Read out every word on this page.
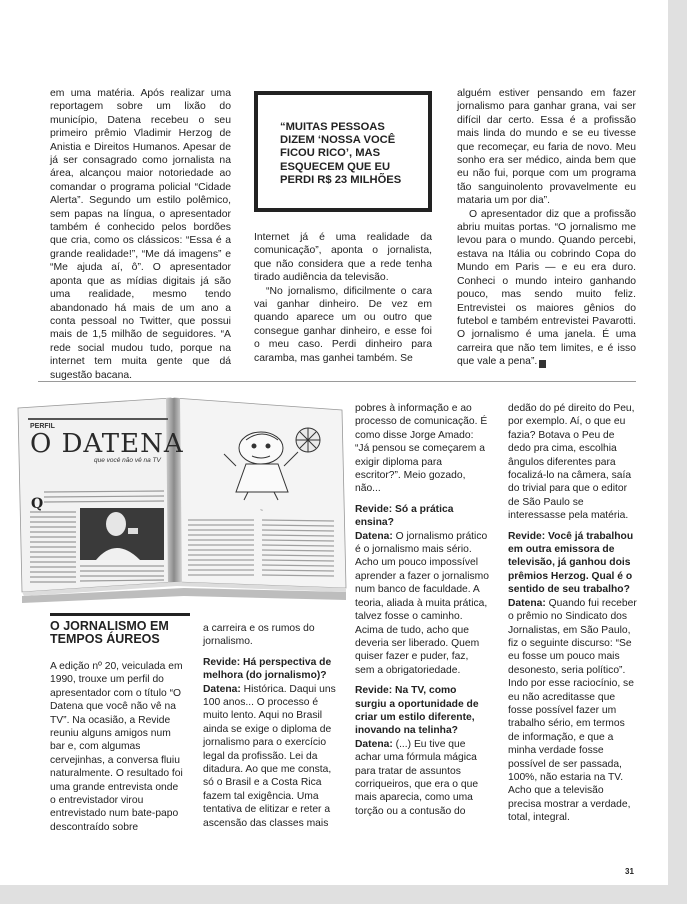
em uma matéria. Após realizar uma reportagem sobre um lixão do município, Datena recebeu o seu primeiro prêmio Vladimir Herzog de Anistia e Direitos Humanos. Apesar de já ser consagrado como jornalista na área, alcançou maior notoriedade ao comandar o programa policial “Cidade Alerta”. Segundo um estilo polêmico, sem papas na língua, o apresentador também é conhecido pelos bordões que cria, como os clássicos: “Essa é a grande realidade!”, “Me dá imagens” e “Me ajuda aí, ô”. O apresentador aponta que as mídias digitais já são uma realidade, mesmo tendo abandonado há mais de um ano a conta pessoal no Twitter, que possui mais de 1,5 milhão de seguidores. “A rede social mudou tudo, porque na internet tem muita gente que dá sugestão bacana.

“MUITAS PESSOAS DIZEM ‘NOSSA VOCÊ FICOU RICO’, MAS ESQUECEM QUE EU PERDI R$ 23 MILHÕES

Internet já é uma realidade da comunicação”, aponta o jornalista, que não considera que a rede tenha tirado audiência da televisão.

“No jornalismo, dificilmente o cara vai ganhar dinheiro. De vez em quando aparece um ou outro que consegue ganhar dinheiro, e esse foi o meu caso. Perdi dinheiro para caramba, mas ganhei também. Se

alguém estiver pensando em fazer jornalismo para ganhar grana, vai ser difícil dar certo. Essa é a profissão mais linda do mundo e se eu tivesse que recomeçar, eu faria de novo. Meu sonho era ser médico, ainda bem que eu não fui, porque com um programa tão sanguinolento provavelmente eu mataria um por dia”.

O apresentador diz que a profissão abriu muitas portas. “O jornalismo me levou para o mundo. Quando percebi, estava na Itália ou cobrindo Copa do Mundo em Paris — e eu era duro. Conheci o mundo inteiro ganhando pouco, mas sendo muito feliz. Entrevistei os maiores gênios do futebol e também entrevistei Pavarotti. O jornalismo é uma janela. É uma carreira que não tem limites, e é isso que vale a pena”. R

PERFIL
O DATENA
que você não vê na TV
Q	~
O JORNALISMO EM TEMPOS ÁUREOS

A edição nº 20, veiculada em 1990, trouxe um perfil do apresentador com o título “O Datena que você não vê na TV”. Na ocasião, a Revide reuniu alguns amigos num bar e, com algumas cervejinhas, a conversa fluiu naturalmente. O resultado foi uma grande entrevista onde o entrevistador virou entrevistado num bate-papo descontraído sobre

a carreira e os rumos do jornalismo.

Revide: Há perspectiva de melhora (do jornalismo)?
Datena: Histórica. Daqui uns 100 anos... O processo é muito lento. Aqui no Brasil ainda se exige o diploma de jornalismo para o exercício legal da profissão. Lei da ditadura. Ao que me consta, só o Brasil e a Costa Rica fazem tal exigência. Uma tentativa de elitizar e reter a ascensão das classes mais

pobres à informação e ao processo de comunicação. É como disse Jorge Amado: “Já pensou se começarem a exigir diploma para escritor?”. Meio gozado, não...

Revide: Só a prática ensina?
Datena: O jornalismo prático é o jornalismo mais sério. Acho um pouco impossível aprender a fazer o jornalismo num banco de faculdade. A teoria, aliada à muita prática, talvez fosse o caminho. Acima de tudo, acho que deveria ser liberado. Quem quiser fazer e puder, faz, sem a obrigatoriedade.

Revide: Na TV, como surgiu a oportunidade de criar um estilo diferente, inovando na telinha?
Datena: (...) Eu tive que achar uma fórmula mágica para tratar de assuntos corriqueiros, que era o que mais aparecia, como uma torção ou a contusão do

dedão do pé direito do Peu, por exemplo. Aí, o que eu fazia? Botava o Peu de dedo pra cima, escolhia ângulos diferentes para focalizá-lo na câmera, saía do trivial para que o editor de São Paulo se interessasse pela matéria.

Revide: Você já trabalhou em outra emissora de televisão, já ganhou dois prêmios Herzog. Qual é o sentido de seu trabalho?
Datena: Quando fui receber o prêmio no Sindicato dos Jornalistas, em São Paulo, fiz o seguinte discurso: “Se eu fosse um pouco mais desonesto, seria político”. Indo por esse raciocínio, se eu não acreditasse que fosse possível fazer um trabalho sério, em termos de informação, e que a minha verdade fosse possível de ser passada, 100%, não estaria na TV. Acho que a televisão precisa mostrar a verdade, total, integral.

31
